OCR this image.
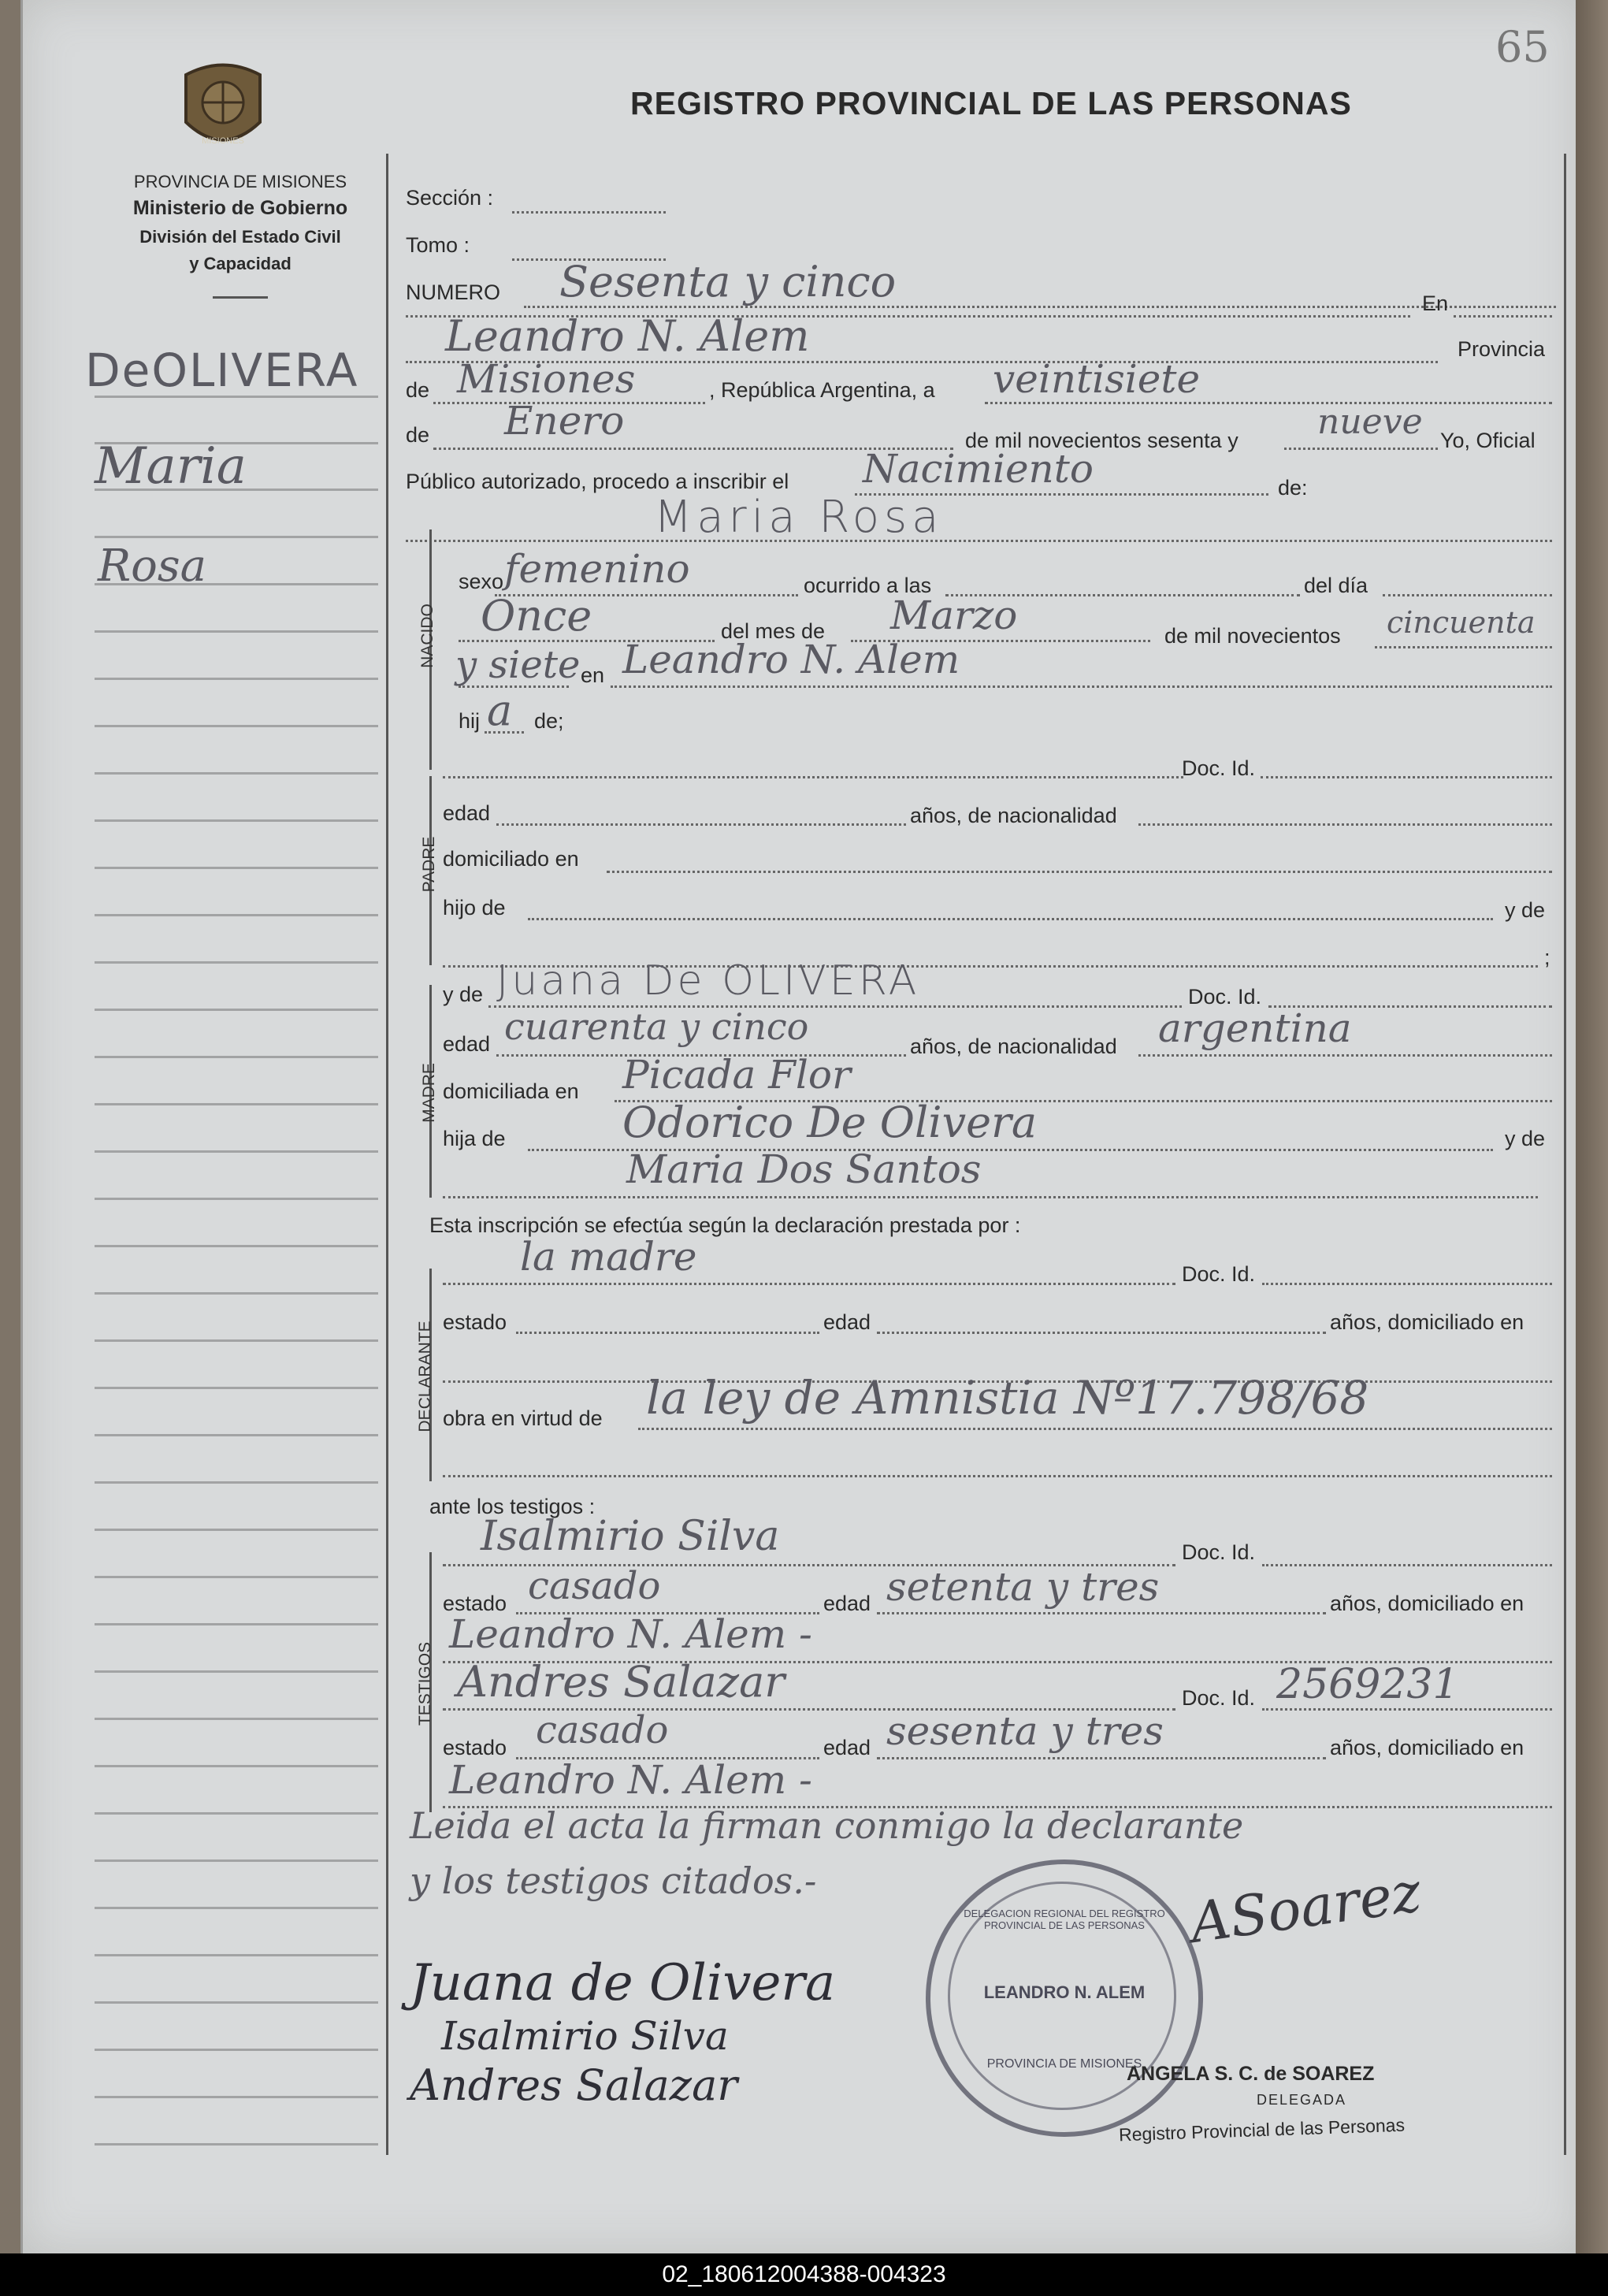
65
MISIONES
PROVINCIA DE MISIONES
Ministerio de Gobierno
División del Estado Civil
y Capacidad
REGISTRO PROVINCIAL DE LAS PERSONAS
DeOLIVERA
Maria
Rosa
Sección :
Tomo :
NUMERO Sesenta y cinco	En
Leandro N. Alem	Provincia
de Misiones	, República Argentina, a veintisiete
de Enero	de mil novecientos sesenta y nueve Yo, Oficial
Público autorizado, procedo a inscribir el Nacimiento	de:
Maria Rosa
NACIDO
sexo femenino	ocurrido a las	del día
Once	del mes de Marzo	de mil novecientos cincuenta
y siete en Leandro N. Alem
hij a de;
Doc. Id.
PADRE
edad	años, de nacionalidad
domiciliado en
hijo de	y de
;
y de Juana De OLIVERA	Doc. Id.
MADRE
edad cuarenta y cinco	años, de nacionalidad argentina
domiciliada en Picada Flor
hija de	Odorico De Olivera	y de
Maria Dos Santos
Esta inscripción se efectúa según la declaración prestada por :
la madre	Doc. Id.
DECLARANTE estado	edad	años, domiciliado en
obra en virtud de la ley de Amnistia Nº17.798/68
ante los testigos :
Isalmirio Silva	Doc. Id.
TESTIGOS
estado casado	edad setenta y tres	años, domiciliado en
Leandro N. Alem -
Andres Salazar	Doc. Id. 2569231
estado casado	edad sesenta y tres	años, domiciliado en
Leandro N. Alem -
Leida el acta la firman conmigo la declarante
y los testigos citados.-
Juana de Olivera
Isalmirio Silva
Andres Salazar
ASoarez
DELEGACION REGIONAL DEL REGISTRO PROVINCIAL DE LAS PERSONAS
LEANDRO N. ALEM
PROVINCIA DE MISIONES
ANGELA S. C. de SOAREZ
DELEGADA
Registro Provincial de las Personas
02_180612004388-004323
